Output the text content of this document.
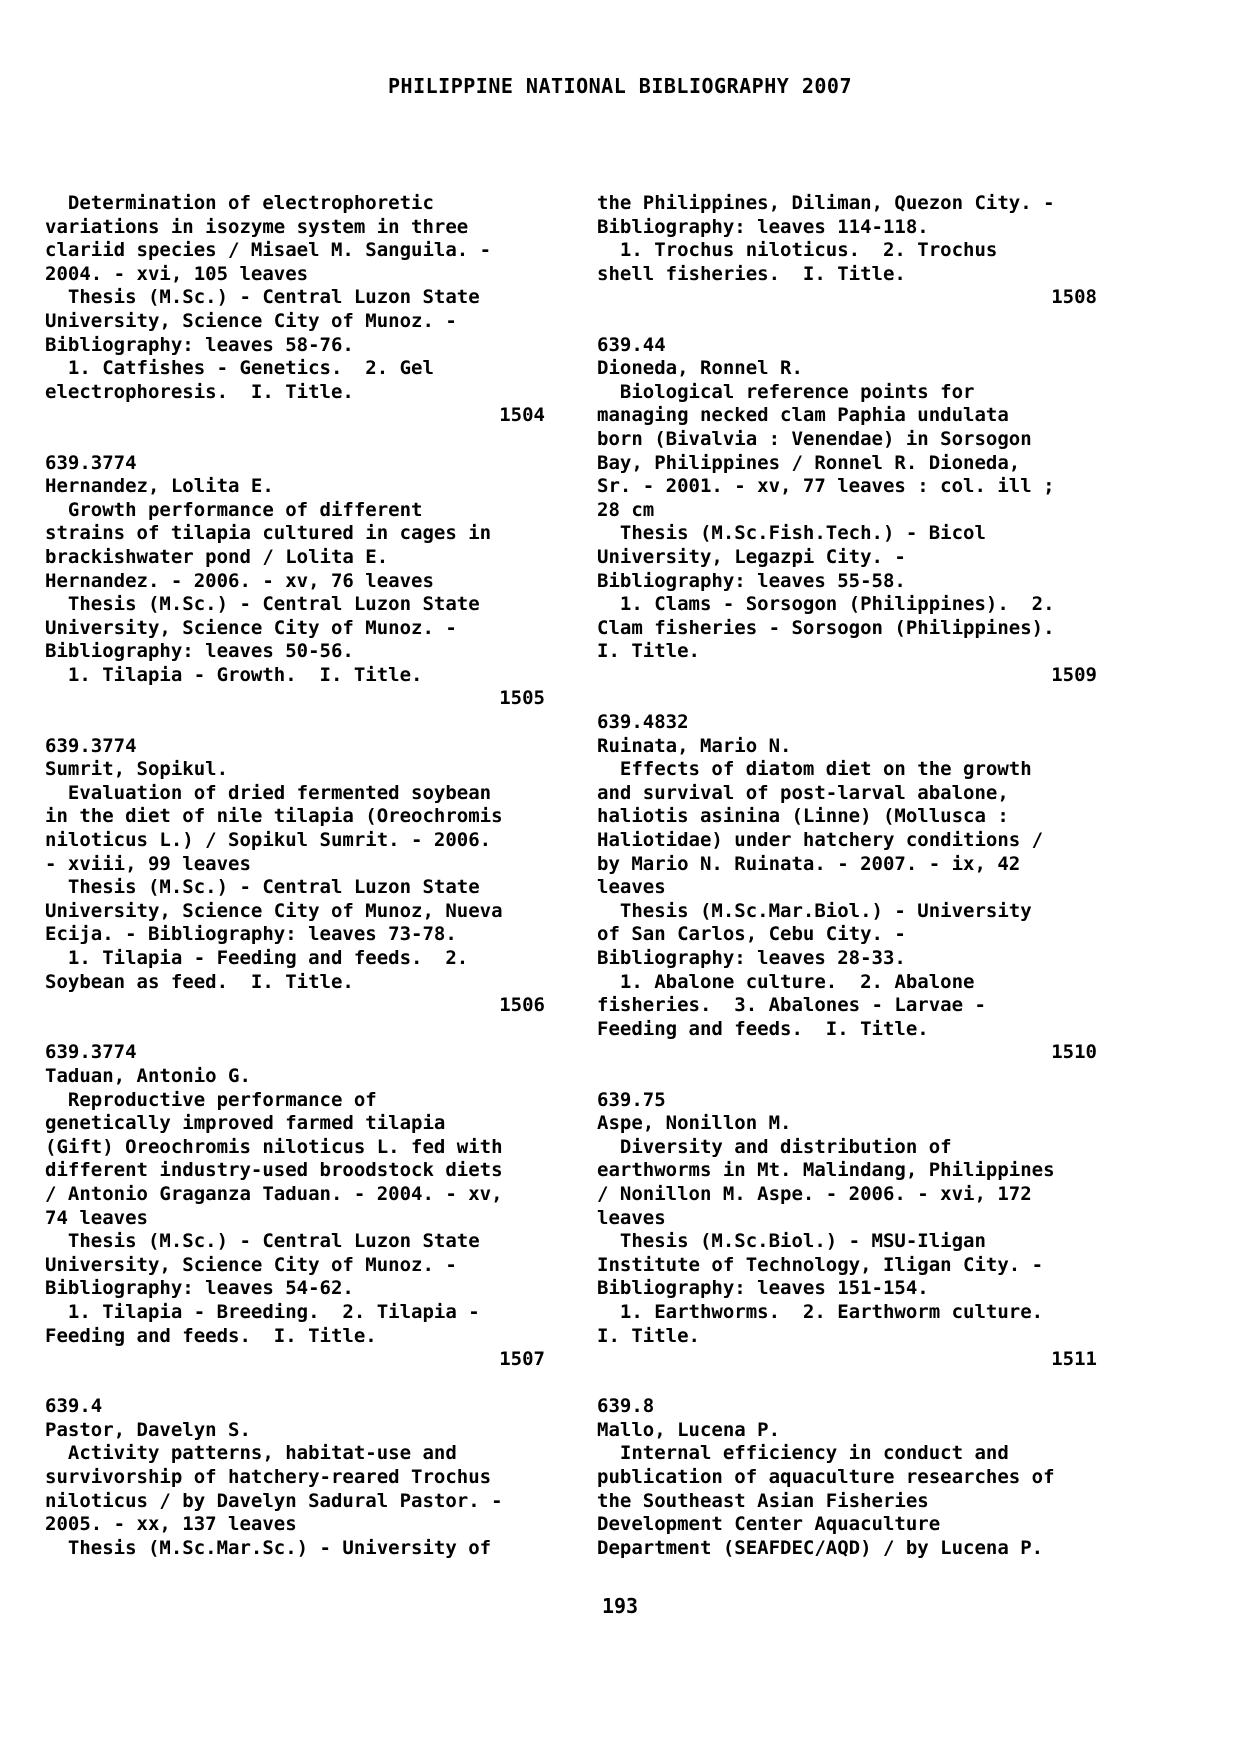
PHILIPPINE NATIONAL BIBLIOGRAPHY 2007
Determination of electrophoretic
variations in isozyme system in three
clariid species / Misael M. Sanguila. -
2004. - xvi, 105 leaves
Thesis (M.Sc.) - Central Luzon State
University, Science City of Munoz. -
Bibliography: leaves 58-76.
1. Catfishes - Genetics.  2. Gel
electrophoresis.  I. Title.
1504
639.3774
Hernandez, Lolita E.
Growth performance of different
strains of tilapia cultured in cages in
brackishwater pond / Lolita E.
Hernandez. - 2006. - xv, 76 leaves
Thesis (M.Sc.) - Central Luzon State
University, Science City of Munoz. -
Bibliography: leaves 50-56.
1. Tilapia - Growth.  I. Title.
1505
639.3774
Sumrit, Sopikul.
Evaluation of dried fermented soybean
in the diet of nile tilapia (Oreochromis
niloticus L.) / Sopikul Sumrit. - 2006.
- xviii, 99 leaves
Thesis (M.Sc.) - Central Luzon State
University, Science City of Munoz, Nueva
Ecija. - Bibliography: leaves 73-78.
1. Tilapia - Feeding and feeds.  2.
Soybean as feed.  I. Title.
1506
639.3774
Taduan, Antonio G.
Reproductive performance of
genetically improved farmed tilapia
(Gift) Oreochromis niloticus L. fed with
different industry-used broodstock diets
/ Antonio Graganza Taduan. - 2004. - xv,
74 leaves
Thesis (M.Sc.) - Central Luzon State
University, Science City of Munoz. -
Bibliography: leaves 54-62.
1. Tilapia - Breeding.  2. Tilapia -
Feeding and feeds.  I. Title.
1507
639.4
Pastor, Davelyn S.
Activity patterns, habitat-use and
survivorship of hatchery-reared Trochus
niloticus / by Davelyn Sadural Pastor. -
2005. - xx, 137 leaves
Thesis (M.Sc.Mar.Sc.) - University of
the Philippines, Diliman, Quezon City. -
Bibliography: leaves 114-118.
1. Trochus niloticus.  2. Trochus
shell fisheries.  I. Title.
1508
639.44
Dioneda, Ronnel R.
Biological reference points for
managing necked clam Paphia undulata
born (Bivalvia : Venendae) in Sorsogon
Bay, Philippines / Ronnel R. Dioneda,
Sr. - 2001. - xv, 77 leaves : col. ill ;
28 cm
Thesis (M.Sc.Fish.Tech.) - Bicol
University, Legazpi City. -
Bibliography: leaves 55-58.
1. Clams - Sorsogon (Philippines).  2.
Clam fisheries - Sorsogon (Philippines).
I. Title.
1509
639.4832
Ruinata, Mario N.
Effects of diatom diet on the growth
and survival of post-larval abalone,
haliotis asinina (Linne) (Mollusca :
Haliotidae) under hatchery conditions /
by Mario N. Ruinata. - 2007. - ix, 42
leaves
Thesis (M.Sc.Mar.Biol.) - University
of San Carlos, Cebu City. -
Bibliography: leaves 28-33.
1. Abalone culture.  2. Abalone
fisheries.  3. Abalones - Larvae -
Feeding and feeds.  I. Title.
1510
639.75
Aspe, Nonillon M.
Diversity and distribution of
earthworms in Mt. Malindang, Philippines
/ Nonillon M. Aspe. - 2006. - xvi, 172
leaves
Thesis (M.Sc.Biol.) - MSU-Iligan
Institute of Technology, Iligan City. -
Bibliography: leaves 151-154.
1. Earthworms.  2. Earthworm culture.
I. Title.
1511
639.8
Mallo, Lucena P.
Internal efficiency in conduct and
publication of aquaculture researches of
the Southeast Asian Fisheries
Development Center Aquaculture
Department (SEAFDEC/AQD) / by Lucena P.
193
